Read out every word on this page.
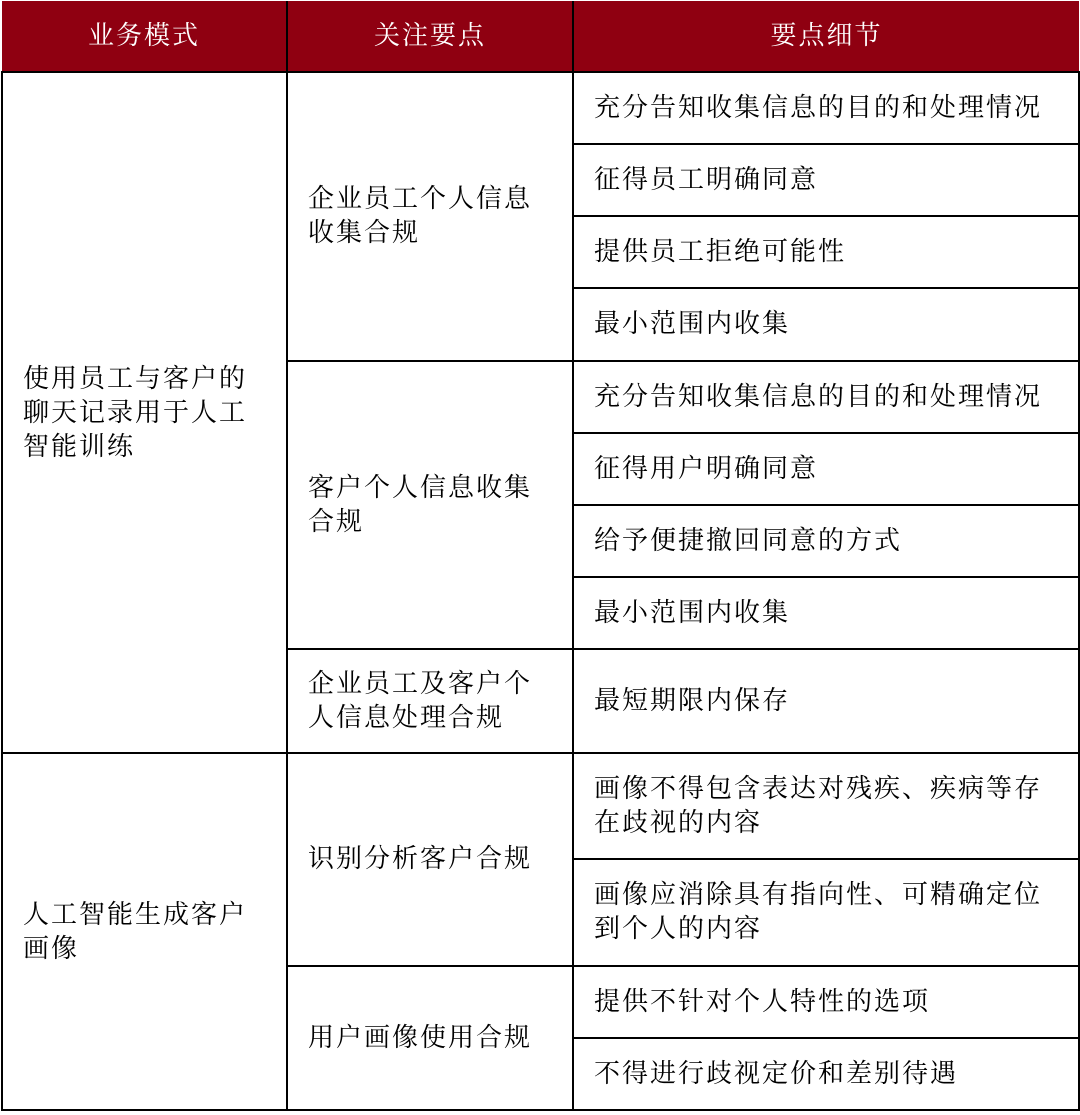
业务模式	关注要点	要点细节
使用员工与客户的聊天记录用于人工智能训练	企业员工个人信息收集合规	充分告知收集信息的目的和处理情况
		征得员工明确同意
		提供员工拒绝可能性
		最小范围内收集
	客户个人信息收集合规	充分告知收集信息的目的和处理情况
		征得用户明确同意
		给予便捷撤回同意的方式
		最小范围内收集
	企业员工及客户个人信息处理合规	最短期限内保存
人工智能生成客户画像	识别分析客户合规	画像不得包含表达对残疾、疾病等存在歧视的内容
		画像应消除具有指向性、可精确定位到个人的内容
	用户画像使用合规	提供不针对个人特性的选项
		不得进行歧视定价和差别待遇
